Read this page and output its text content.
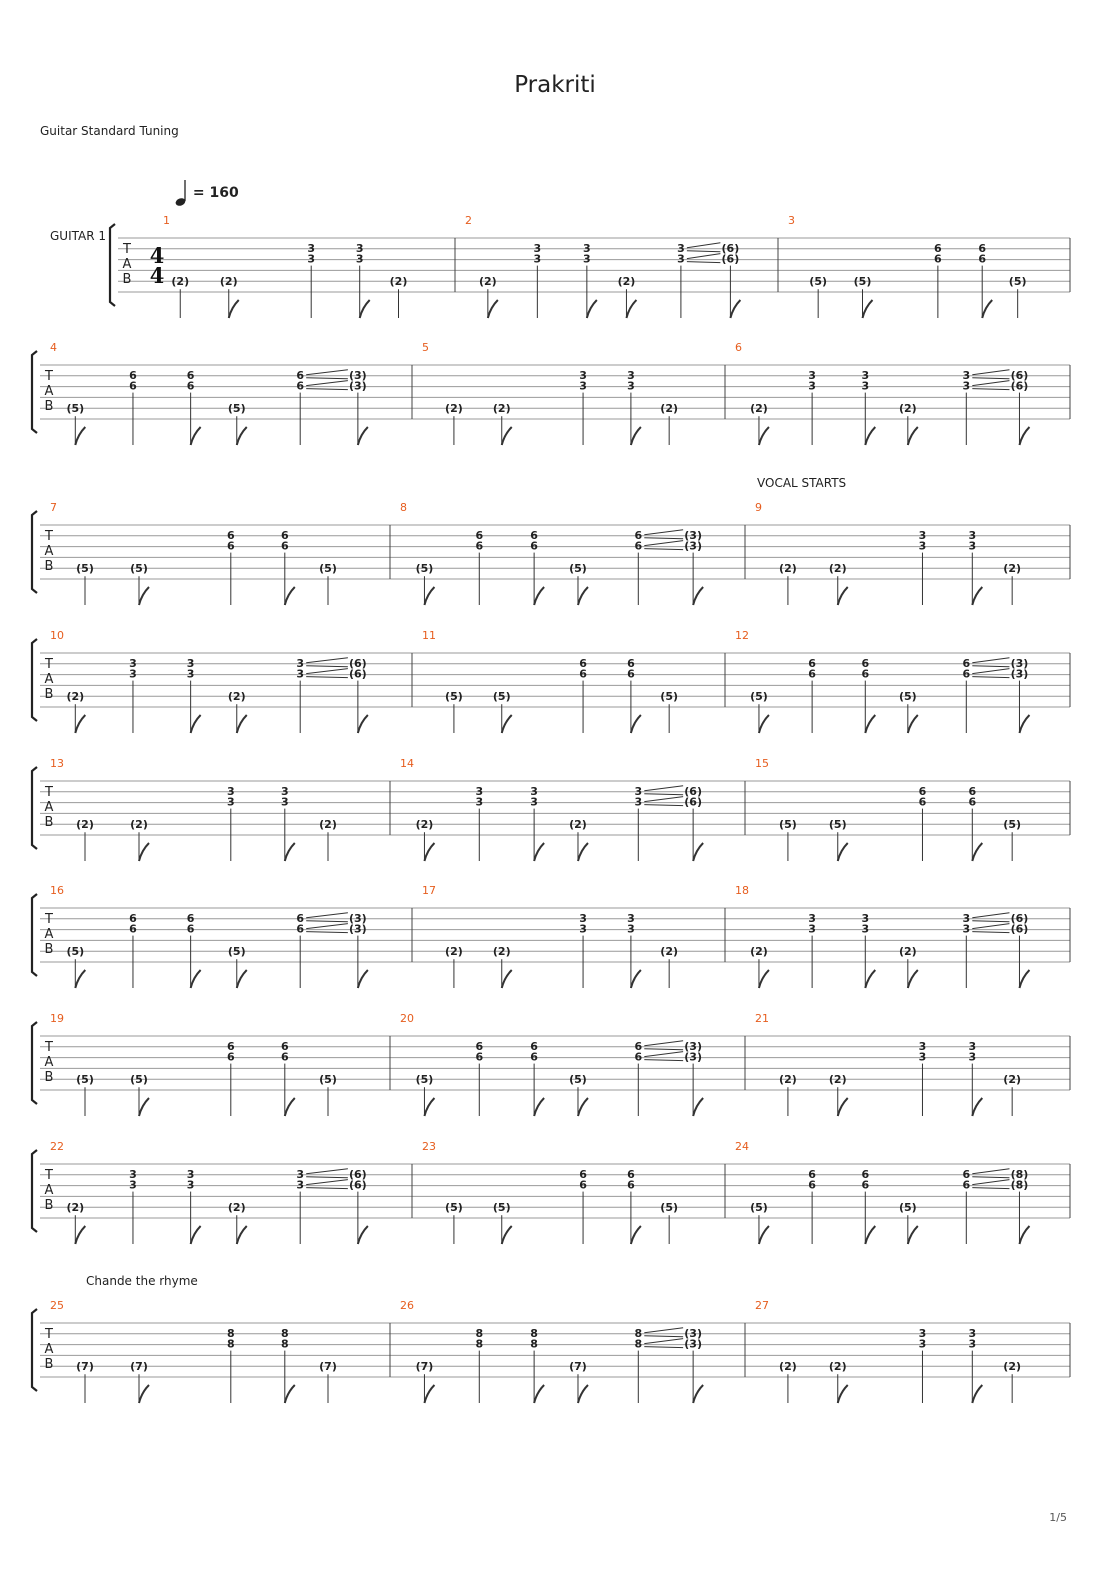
Prakriti
Guitar Standard Tuning
= 160
T
A
B
4
4
GUITAR 1
1
(2)	(2)
3
3
3
3
(2)
2
(2)
3
3
3
3
(2)
3
3
(6)
(6)
3
(5) (5)
6
6
6
6
(5)
T
A
B
4
(5)
6
6
6
6
(5)
6
6
(3)
(3)
5
(2)	(2)
3
3
3
3
(2)
6
(2)
3
3
3
3
(2)
3
3
(6)
(6)
T
A
B
7
(5)	(5)
6
6
6
6
(5)
8
(5)
6
6
6
6
(5)
6
6
(3)
(3)
9
(2)	(2)
3
3
3
3
(2)
T
A
B
10
(2)
3
3
3
3
(2)
3
3
(6)
(6)
11
(5)	(5)
6
6
6
6
(5)
12
(5)
6
6
6
6
(5)
6
6
(3)
(3)
T
A
B
13
(2)	(2)
3
3
3
3
(2)
14
(2)
3
3
3
3
(2)
3
3
(6)
(6)
15
(5)	(5)
6
6
6
6
(5)
T
A
B
16
(5)
6
6
6
6
(5)
6
6
(3)
(3)
17
(2)	(2)
3
3
3
3
(2)
18
(2)
3
3
3
3
(2)
3
3
(6)
(6)
T
A
B
19
(5)	(5)
6
6
6
6
(5)
20
(5)
6
6
6
6
(5)
6
6
(3)
(3)
21
(2)	(2)
3
3
3
3
(2)
T
A
B
22
(2)
3
3
3
3
(2)
3
3
(6)
(6)
23
(5)	(5)
6
6
6
6
(5)
24
(5)
6
6
6
6
(5)
6
6
(8)
(8)
T
A
B
25
(7)	(7)
8
8
8
8
(7)
26
(7)
8
8
8
8
(7)
8
8
(3)
(3)
27
(2)	(2)
3
3
3
3
(2)
VOCAL STARTS
Chande the rhyme
1/5
